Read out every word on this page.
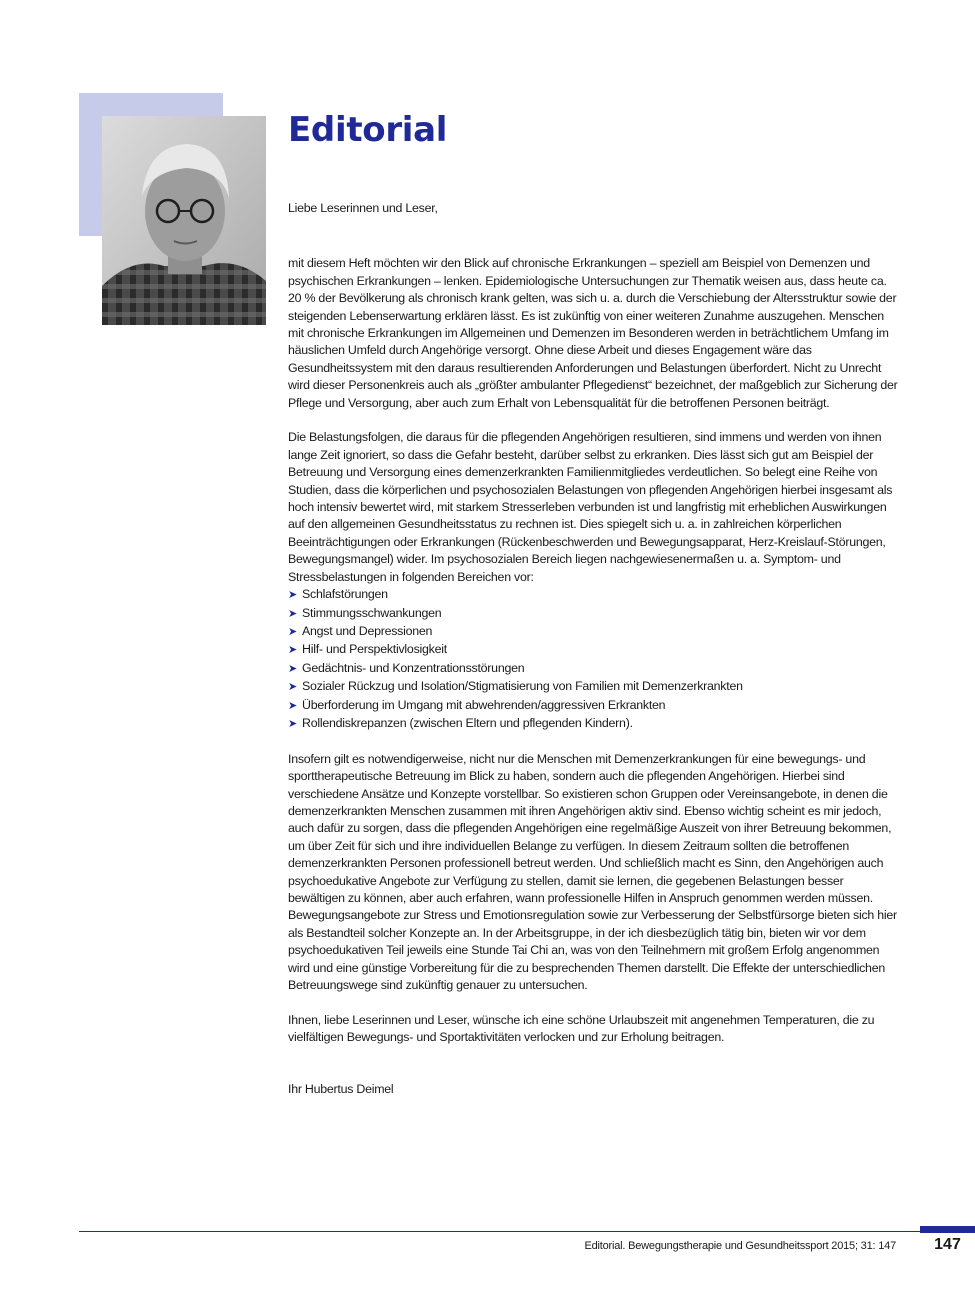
Editorial

Liebe Leserinnen und Leser,

mit diesem Heft möchten wir den Blick auf chronische Erkrankungen – speziell am Beispiel von Demenzen und psychischen Erkrankungen – lenken. Epidemiologische Untersuchungen zur Thematik weisen aus, dass heute ca. 20 % der Bevölkerung als chronisch krank gelten, was sich u. a. durch die Verschiebung der Altersstruktur sowie der steigenden Lebenserwartung erklären lässt. Es ist zukünftig von einer weiteren Zunahme auszugehen. Menschen mit chronische Erkrankungen im Allgemeinen und Demenzen im Besonderen werden in beträchtlichem Umfang im häuslichen Umfeld durch Angehörige versorgt. Ohne diese Arbeit und dieses Engagement wäre das Gesundheitssystem mit den daraus resultierenden Anforderungen und Belastungen überfordert. Nicht zu Unrecht wird dieser Personenkreis auch als „größter ambulanter Pflegedienst“ bezeichnet, der maßgeblich zur Sicherung der Pflege und Versorgung, aber auch zum Erhalt von Lebensqualität für die betroffenen Personen beiträgt.

Die Belastungsfolgen, die daraus für die pflegenden Angehörigen resultieren, sind immens und werden von ihnen lange Zeit ignoriert, so dass die Gefahr besteht, darüber selbst zu erkranken. Dies lässt sich gut am Beispiel der Betreuung und Versorgung eines demenzerkrankten Familienmitgliedes verdeutlichen. So belegt eine Reihe von Studien, dass die körperlichen und psychosozialen Belastungen von pflegenden Angehörigen hierbei insgesamt als hoch intensiv bewertet wird, mit starkem Stresserleben verbunden ist und langfristig mit erheblichen Auswirkungen auf den allgemeinen Gesundheitsstatus zu rechnen ist. Dies spiegelt sich u. a. in zahlreichen körperlichen Beeinträchtigungen oder Erkrankungen (Rückenbeschwerden und Bewegungsapparat, Herz-Kreislauf-Störungen, Bewegungsmangel) wider. Im psychosozialen Bereich liegen nachgewiesenermaßen u. a. Symptom- und Stressbelastungen in folgenden Bereichen vor:

➤ Schlafstörungen
➤ Stimmungsschwankungen
➤ Angst und Depressionen
➤ Hilf- und Perspektivlosigkeit
➤ Gedächtnis- und Konzentrationsstörungen
➤ Sozialer Rückzug und Isolation/Stigmatisierung von Familien mit Demenzerkrankten
➤ Überforderung im Umgang mit abwehrenden/aggressiven Erkrankten
➤ Rollendiskrepanzen (zwischen Eltern und pflegenden Kindern).

Insofern gilt es notwendigerweise, nicht nur die Menschen mit Demenzerkrankungen für eine bewegungs- und sporttherapeutische Betreuung im Blick zu haben, sondern auch die pflegenden Angehörigen. Hierbei sind verschiedene Ansätze und Konzepte vorstellbar. So existieren schon Gruppen oder Vereinsangebote, in denen die demenzerkrankten Menschen zusammen mit ihren Angehörigen aktiv sind. Ebenso wichtig scheint es mir jedoch, auch dafür zu sorgen, dass die pflegenden Angehörigen eine regelmäßige Auszeit von ihrer Betreuung bekommen, um über Zeit für sich und ihre individuellen Belange zu verfügen. In diesem Zeitraum sollten die betroffenen demenzerkrankten Personen professionell betreut werden. Und schließlich macht es Sinn, den Angehörigen auch psychoedukative Angebote zur Verfügung zu stellen, damit sie lernen, die gegebenen Belastungen besser bewältigen zu können, aber auch erfahren, wann professionelle Hilfen in Anspruch genommen werden müssen. Bewegungsangebote zur Stress und Emotionsregulation sowie zur Verbesserung der Selbstfürsorge bieten sich hier als Bestandteil solcher Konzepte an. In der Arbeitsgruppe, in der ich diesbezüglich tätig bin, bieten wir vor dem psychoedukativen Teil jeweils eine Stunde Tai Chi an, was von den Teilnehmern mit großem Erfolg angenommen wird und eine günstige Vorbereitung für die zu besprechenden Themen darstellt. Die Effekte der unterschiedlichen Betreuungswege sind zukünftig genauer zu untersuchen.

Ihnen, liebe Leserinnen und Leser, wünsche ich eine schöne Urlaubszeit mit angenehmen Temperaturen, die zu vielfältigen Bewegungs- und Sportaktivitäten verlocken und zur Erholung beitragen.

Ihr Hubertus Deimel

Editorial. Bewegungstherapie und Gesundheitssport 2015; 31: 147	147
